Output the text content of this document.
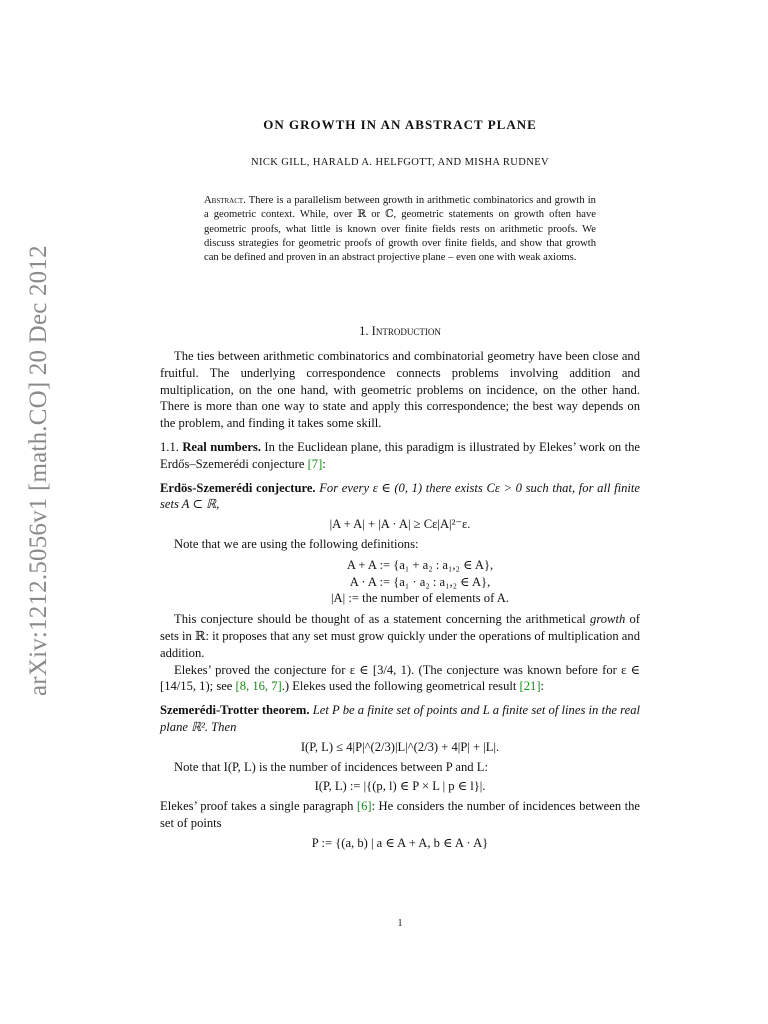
arXiv:1212.5056v1 [math.CO] 20 Dec 2012
ON GROWTH IN AN ABSTRACT PLANE
NICK GILL, HARALD A. HELFGOTT, AND MISHA RUDNEV
Abstract. There is a parallelism between growth in arithmetic combinatorics and growth in a geometric context. While, over ℝ or ℂ, geometric statements on growth often have geometric proofs, what little is known over finite fields rests on arithmetic proofs. We discuss strategies for geometric proofs of growth over finite fields, and show that growth can be defined and proven in an abstract projective plane – even one with weak axioms.
1. Introduction

The ties between arithmetic combinatorics and combinatorial geometry have been close and fruitful. The underlying correspondence connects problems involving addition and multiplication, on the one hand, with geometric problems on incidence, on the other hand. There is more than one way to state and apply this correspondence; the best way depends on the problem, and finding it takes some skill.

1.1. Real numbers. In the Euclidean plane, this paradigm is illustrated by Elekes’ work on the Erdős–Szemerédi conjecture [7]:

Erdös-Szemerédi conjecture. For every ε ∈ (0, 1) there exists Cε > 0 such that, for all finite sets A ⊂ ℝ,

|A + A| + |A · A| ≥ Cε|A|²⁻ε.

Note that we are using the following definitions:

A + A := {a₁ + a₂ : a₁,₂ ∈ A},
A · A := {a₁ · a₂ : a₁,₂ ∈ A},
|A| := the number of elements of A.

This conjecture should be thought of as a statement concerning the arithmetical growth of sets in ℝ: it proposes that any set must grow quickly under the operations of multiplication and addition.

Elekes’ proved the conjecture for ε ∈ [3/4, 1). (The conjecture was known before for ε ∈ [14/15, 1); see [8, 16, 7].) Elekes used the following geometrical result [21]:

Szemerédi-Trotter theorem. Let P be a finite set of points and L a finite set of lines in the real plane ℝ². Then

I(P, L) ≤ 4|P|^(2/3)|L|^(2/3) + 4|P| + |L|.

Note that I(P, L) is the number of incidences between P and L:

I(P, L) := |{(p, l) ∈ P × L | p ∈ l}|.

Elekes’ proof takes a single paragraph [6]: He considers the number of incidences between the set of points

P := {(a, b) | a ∈ A + A, b ∈ A · A}

1
